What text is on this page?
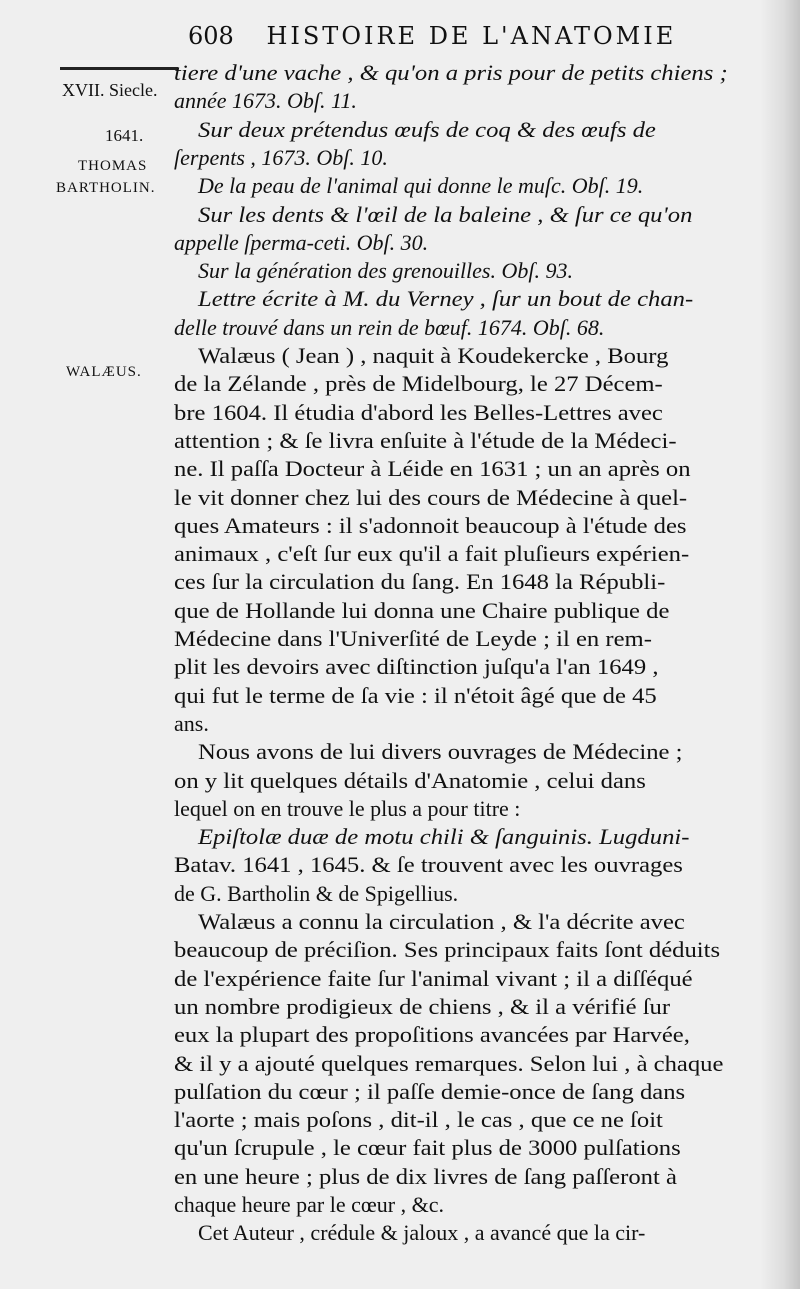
608 HISTOIRE DE L'ANATOMIE
XVII. Siecle.
1641.
THOMAS
BARTHOLIN.
WALÆUS.
tiere d'une vache , & qu'on a pris pour de petits chiens ;
année 1673. Obſ. 11.
Sur deux prétendus œufs de coq & des œufs de
ſerpents , 1673. Obſ. 10.
De la peau de l'animal qui donne le muſc. Obſ. 19.
Sur les dents & l'œil de la baleine , & ſur ce qu'on
appelle ſperma-ceti. Obſ. 30.
Sur la génération des grenouilles. Obſ. 93.
Lettre écrite à M. du Verney , ſur un bout de chan-
delle trouvé dans un rein de bœuf. 1674. Obſ. 68.
Walæus ( Jean ) , naquit à Koudekercke , Bourg
de la Zélande , près de Midelbourg, le 27 Décem-
bre 1604. Il étudia d'abord les Belles-Lettres avec
attention ; & ſe livra enſuite à l'étude de la Médeci-
ne. Il paſſa Docteur à Léide en 1631 ; un an après on
le vit donner chez lui des cours de Médecine à quel-
ques Amateurs : il s'adonnoit beaucoup à l'étude des
animaux , c'eſt ſur eux qu'il a fait pluſieurs expérien-
ces ſur la circulation du ſang. En 1648 la Républi-
que de Hollande lui donna une Chaire publique de
Médecine dans l'Univerſité de Leyde ; il en rem-
plit les devoirs avec diſtinction juſqu'a l'an 1649 ,
qui fut le terme de ſa vie : il n'étoit âgé que de 45
ans.
Nous avons de lui divers ouvrages de Médecine ;
on y lit quelques détails d'Anatomie , celui dans
lequel on en trouve le plus a pour titre :
Epiſtolæ duæ de motu chili & ſanguinis. Lugduni-
Batav. 1641 , 1645. & ſe trouvent avec les ouvrages
de G. Bartholin & de Spigellius.
Walæus a connu la circulation , & l'a décrite avec
beaucoup de préciſion. Ses principaux faits ſont déduits
de l'expérience faite ſur l'animal vivant ; il a diſſéqué
un nombre prodigieux de chiens , & il a vérifié ſur
eux la plupart des propoſitions avancées par Harvée,
& il y a ajouté quelques remarques. Selon lui , à chaque
pulſation du cœur ; il paſſe demie-once de ſang dans
l'aorte ; mais poſons , dit-il , le cas , que ce ne ſoit
qu'un ſcrupule , le cœur fait plus de 3000 pulſations
en une heure ; plus de dix livres de ſang paſſeront à
chaque heure par le cœur , &c.
Cet Auteur , crédule & jaloux , a avancé que la cir-
